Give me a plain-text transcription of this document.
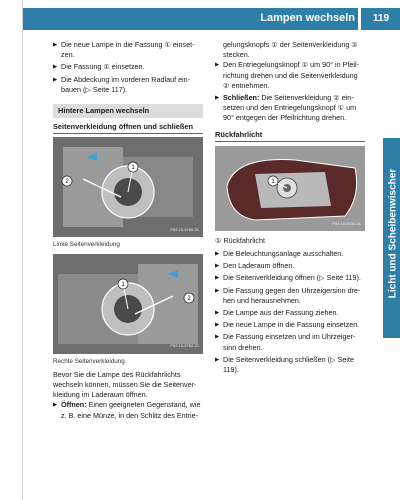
Lampen wechseln	119
Licht und Scheibenwischer
▶ Die neue Lampe in die Fassung ① einsetzen.
▶ Die Fassung ① einsetzen.
▶ Die Abdeckung im vorderen Radlauf einbauen (▷ Seite 117).
Hintere Lampen wechseln
Seitenverkleidung öffnen und schließen
2
1
P82.10-9765-31
Linke Seitenverkleidung
2
1
P82.10-9762-31
Rechte Seitenverkleidung
Bevor Sie die Lampe des Rückfahrlichts wechseln können, müssen Sie die Seitenverkleidung im Laderaum öffnen.
▶ Öffnen: Einen geeigneten Gegenstand, wie z. B. eine Münze, in den Schlitz des Entrie-
gelungsknopfs ① der Seitenverkleidung ② stecken.
▶ Den Entriegelungsknopf ① um 90° in Pfeilrichtung drehen und die Seitenverkleidung ② entnehmen.
▶ Schließen: Die Seitenverkleidung ② einsetzen und den Entriegelungsknopf ① um 90° entgegen der Pfeilrichtung drehen.
Rückfahrlicht
1
P82.10-9234-31
① Rückfahrlicht
▶ Die Beleuchtungsanlage ausschalten.
▶ Den Laderaum öffnen.
▶ Die Seitenverkleidung öffnen (▷ Seite 119).
▶ Die Fassung gegen den Uhrzeigersinn drehen und herausnehmen.
▶ Die Lampe aus der Fassung ziehen.
▶ Die neue Lampe in die Fassung einsetzen.
▶ Die Fassung einsetzen und im Uhrzeigersinn drehen.
▶ Die Seitenverkleidung schließen (▷ Seite 119).
